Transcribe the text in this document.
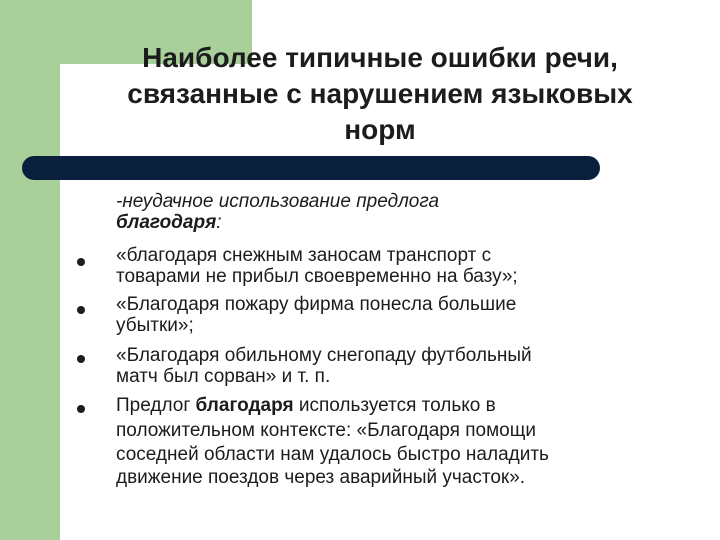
Наиболее типичные ошибки речи,
связанные с нарушением языковых
норм
-неудачное использование предлога
благодаря:
«благодаря снежным заносам транспорт с
товарами не прибыл своевременно на базу»;
«Благодаря пожару фирма понесла большие
убытки»;
«Благодаря обильному снегопаду футбольный
матч был сорван» и т. п.
Предлог благодаря используется только в
положительном контексте: «Благодаря помощи
соседней области нам удалось быстро наладить
движение поездов через аварийный участок».
